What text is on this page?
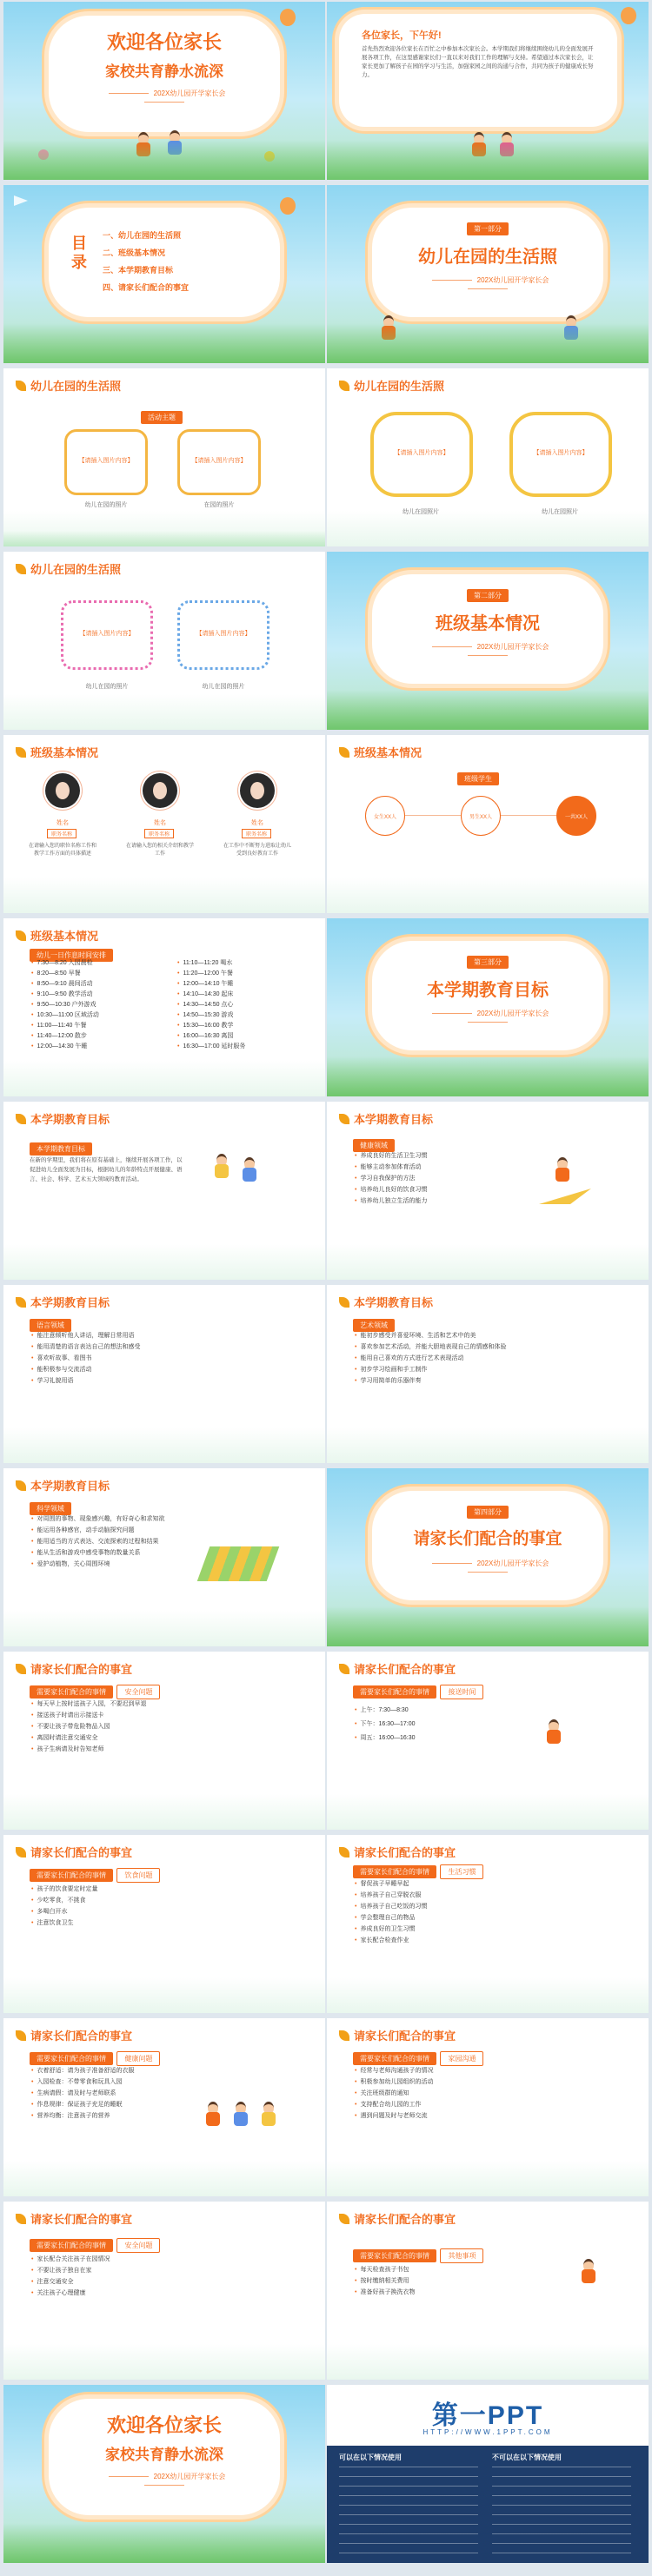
欢迎各位家长
家校共育静水流深
202X幼儿园开学家长会
各位家长，下午好!
首先热烈欢迎各位家长在百忙之中参加本次家长会。本学期我们将继续围绕幼儿的全面发展开展各项工作，在这里感谢家长们一直以来对我们工作的理解与支持。希望通过本次家长会，让家长更加了解孩子在园的学习与生活，加强家园之间的沟通与合作，共同为孩子的健康成长努力。
目录
一、幼儿在园的生活照
二、班级基本情况
三、本学期教育目标
四、请家长们配合的事宜
第一部分
幼儿在园的生活照
202X幼儿园开学家长会
幼儿在园的生活照
活动主题
【请插入图片内容】	【请插入图片内容】
幼儿在园的照片	在园的照片
幼儿在园的生活照
【请插入图片内容】	【请插入图片内容】
幼儿在园照片	幼儿在园照片
幼儿在园的生活照
【请插入图片内容】	【请插入图片内容】
幼儿在园的照片	幼儿在园的照片
第二部分
班级基本情况
202X幼儿园开学家长会
班级基本情况
姓名	姓名	姓名
职务名称	职务名称	职务名称
在请输入您的职位名称工作和教学工作方面的具体描述
在请输入您的相关介绍和教学工作
在工作中不断努力进取让幼儿受到良好教育工作
班级基本情况
班级学生
女生XX人	男生XX人	一共XX人
班级基本情况
幼儿一日作息时间安排
• 7:30—8:20 入园晨检
• 8:20—8:50 早餐
• 8:50—9:10 晨间活动
• 9:10—9:50 教学活动
• 9:50—10:30 户外游戏
• 10:30—11:00 区域活动
• 11:00—11:40 午餐
• 11:40—12:00 散步
• 12:00—14:30 午睡
• 11:10—11:20 喝水
• 11:20—12:00 午餐
• 12:00—14:10 午睡
• 14:10—14:30 起床
• 14:30—14:50 点心
• 14:50—15:30 游戏
• 15:30—16:00 教学
• 16:00—16:30 离园
• 16:30—17:00 延时服务
第三部分
本学期教育目标
202X幼儿园开学家长会
本学期教育目标
本学期教育目标
在新的学期里，我们将在原有基础上，继续开展各项工作，以促进幼儿全面发展为目标，根据幼儿的年龄特点开展健康、语言、社会、科学、艺术五大领域的教育活动。
本学期教育目标
健康领域
• 养成良好的生活卫生习惯
• 能够主动参加体育活动
• 学习自我保护的方法
• 培养幼儿良好的饮食习惯
• 培养幼儿独立生活的能力
本学期教育目标
语言领域
• 能注意倾听他人讲话，理解日常用语
• 能用清楚的语言表达自己的想法和感受
• 喜欢听故事、看图书
• 能积极参与交流活动
• 学习礼貌用语
本学期教育目标
艺术领域
• 能初步感受并喜爱环境、生活和艺术中的美
• 喜欢参加艺术活动，并能大胆地表现自己的情感和体验
• 能用自己喜欢的方式进行艺术表现活动
• 初步学习绘画和手工制作
• 学习用简单的乐器伴奏
本学期教育目标
科学领域
• 对周围的事物、现象感兴趣，有好奇心和求知欲
• 能运用各种感官，动手动脑探究问题
• 能用适当的方式表达、交流探索的过程和结果
• 能从生活和游戏中感受事物的数量关系
• 爱护动植物，关心周围环境
第四部分
请家长们配合的事宜
202X幼儿园开学家长会
请家长们配合的事宜
需要家长们配合的事情	安全问题
• 每天早上按时送孩子入园，不要迟到早退
• 接送孩子时请出示接送卡
• 不要让孩子带危险物品入园
• 离园时请注意交通安全
• 孩子生病请及时告知老师
请家长们配合的事宜
需要家长们配合的事情	接送时间
• 上午：7:30—8:30
• 下午：16:30—17:00
• 周五：16:00—16:30
请家长们配合的事宜
需要家长们配合的事情	饮食问题
• 孩子的饮食要定时定量
• 少吃零食，不挑食
• 多喝白开水
• 注意饮食卫生
请家长们配合的事宜
需要家长们配合的事情	生活习惯
• 督促孩子早睡早起
• 培养孩子自己穿脱衣服
• 培养孩子自己吃饭的习惯
• 学会整理自己的物品
• 养成良好的卫生习惯
• 家长配合检查作业
请家长们配合的事宜
需要家长们配合的事情	健康问题
• 衣着舒适：请为孩子准备舒适的衣服
• 入园检查：不带零食和玩具入园
• 生病请假：请及时与老师联系
• 作息规律：保证孩子充足的睡眠
• 营养均衡：注意孩子的营养
请家长们配合的事宜
需要家长们配合的事情	家园沟通
• 经常与老师沟通孩子的情况
• 积极参加幼儿园组织的活动
• 关注班级群的通知
• 支持配合幼儿园的工作
• 遇到问题及时与老师交流
请家长们配合的事宜
需要家长们配合的事情	安全问题
• 家长配合关注孩子在园情况
• 不要让孩子独自在家
• 注意交通安全
• 关注孩子心理健康
请家长们配合的事宜
需要家长们配合的事情	其他事项
• 每天检查孩子书包
• 按时缴纳相关费用
• 准备好孩子换洗衣物
欢迎各位家长
家校共育静水流深
202X幼儿园开学家长会
第一PPT
HTTP://WWW.1PPT.COM
可以在以下情况使用	不可以在以下情况使用
